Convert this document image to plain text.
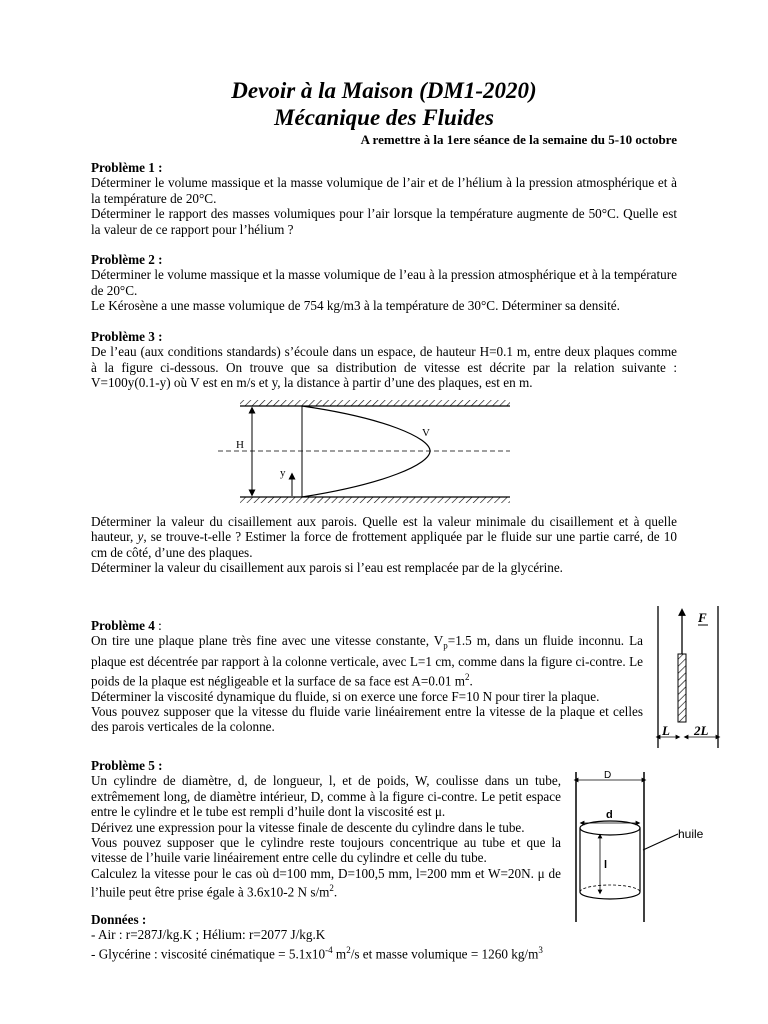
Devoir à la Maison (DM1-2020)
Mécanique des Fluides
A remettre à la 1ere séance de la semaine du 5-10 octobre

Problème 1 :

Déterminer le volume massique et la masse volumique de l’air et de l’hélium à la pression atmosphérique et à la température de 20°C.

Déterminer le rapport des masses volumiques pour l’air lorsque la température augmente de 50°C. Quelle est la valeur de ce rapport pour l’hélium ?

Problème 2 :

Déterminer le volume massique et la masse volumique de l’eau à la pression atmosphérique et à la température de 20°C.

Le Kérosène a une masse volumique de 754 kg/m3 à la température de 30°C. Déterminer sa densité.

Problème 3 :

De l’eau (aux conditions standards) s’écoule dans un espace, de hauteur H=0.1 m, entre deux plaques comme à la figure ci-dessous. On trouve que sa distribution de vitesse est décrite par la relation suivante : V=100y(0.1-y) où V est en m/s et y, la distance à partir d’une des plaques, est en m.

H
V
y

Déterminer la valeur du cisaillement aux parois. Quelle est la valeur minimale du cisaillement et à quelle hauteur, y, se trouve-t-elle ? Estimer la force de frottement appliquée par le fluide sur une partie carré, de 10 cm de côté, d’une des plaques.

Déterminer la valeur du cisaillement aux parois si l’eau est remplacée par de la glycérine.

Problème 4 :

On tire une plaque plane très fine avec une vitesse constante, $V_p=1.5$ m, dans un fluide inconnu. La plaque est décentrée par rapport à la colonne verticale, avec L=1 cm, comme dans la figure ci-contre. Le poids de la plaque est négligeable et la surface de sa face est A=0.01 $m^2$.

Déterminer la viscosité dynamique du fluide, si on exerce une force F=10 N pour tirer la plaque.

Vous pouvez supposer que la vitesse du fluide varie linéairement entre la vitesse de la plaque et celles des parois verticales de la colonne.

F
L 2L

Problème 5 :

Un cylindre de diamètre, d, de longueur, l, et de poids, W, coulisse dans un tube, extrêmement long, de diamètre intérieur, D, comme à la figure ci-contre. Le petit espace entre le cylindre et le tube est rempli d’huile dont la viscosité est μ.

Dérivez une expression pour la vitesse finale de descente du cylindre dans le tube.

Vous pouvez supposer que le cylindre reste toujours concentrique au tube et que la vitesse de l’huile varie linéairement entre celle du cylindre et celle du tube.

Calculez la vitesse pour le cas où d=100 mm, D=100,5 mm, l=200 mm et W=20N. μ de l’huile peut être prise égale à 3.6x10-2 N $s/m^2$.

D
d
l
huile

Données :

- Air : r=287J/kg.K ; Hélium: r=2077 J/kg.K

- Glycérine : viscosité cinématique = $5.1x10^{-4}$ $m^2/s$ et masse volumique = 1260 $kg/m^3$
